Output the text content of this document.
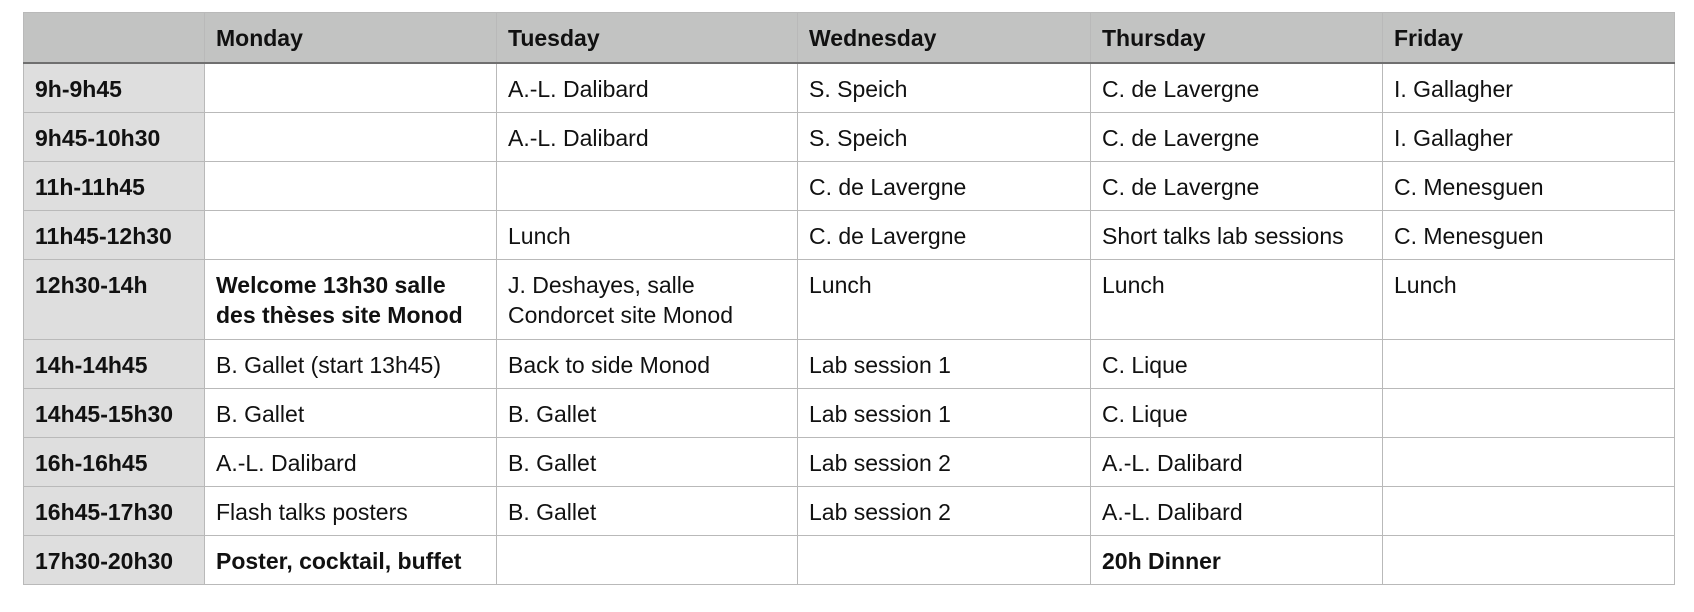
	Monday	Tuesday	Wednesday	Thursday	Friday
9h-9h45		A.-L. Dalibard	S. Speich	C. de Lavergne	I. Gallagher
9h45-10h30		A.-L. Dalibard	S. Speich	C. de Lavergne	I. Gallagher
11h-11h45			C. de Lavergne	C. de Lavergne	C. Menesguen
11h45-12h30		Lunch	C. de Lavergne	Short talks lab sessions	C. Menesguen
12h30-14h	Welcome 13h30 salle des thèses site Monod	J. Deshayes, salle Condorcet site Monod	Lunch	Lunch	Lunch
14h-14h45	B. Gallet (start 13h45)	Back to side Monod	Lab session 1	C. Lique	
14h45-15h30	B. Gallet	B. Gallet	Lab session 1	C. Lique	
16h-16h45	A.-L. Dalibard	B. Gallet	Lab session 2	A.-L. Dalibard	
16h45-17h30	Flash talks posters	B. Gallet	Lab session 2	A.-L. Dalibard	
17h30-20h30	Poster, cocktail, buffet			20h Dinner	
